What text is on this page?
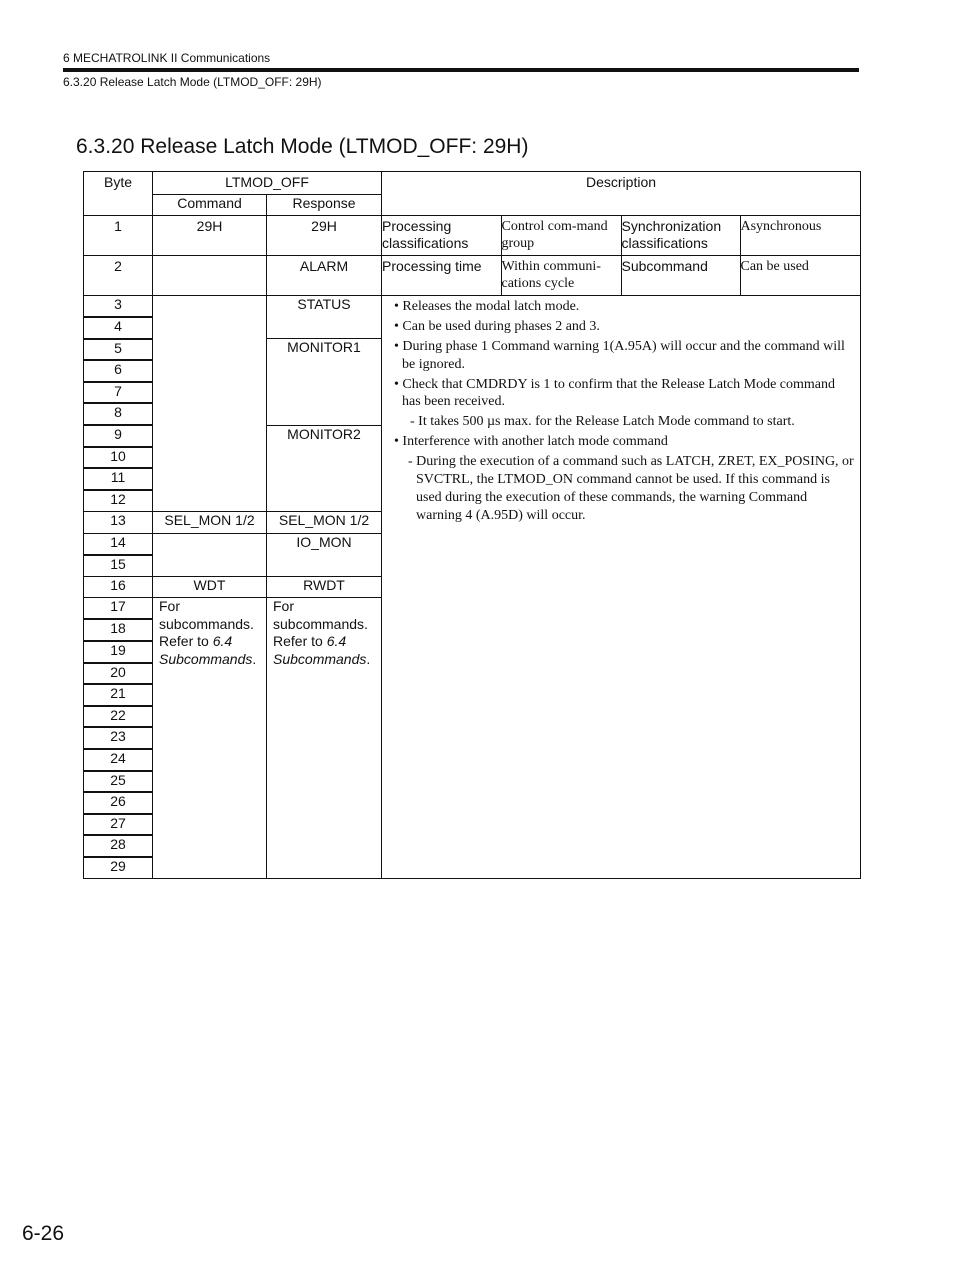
6 MECHATROLINK II Communications
6.3.20 Release Latch Mode (LTMOD_OFF: 29H)
6.3.20 Release Latch Mode (LTMOD_OFF: 29H)
Byte	LTMOD_OFF	Description
Command	Response
1	29H	29H		Processing classifications	Control com-mand group	Synchronization classifications	Asynchronous

2		ALARM	Processing time	Within communi-cations cycle	Subcommand	Can be used

3		STATUS	• Releases the modal latch mode.
• Can be used during phases 2 and 3.
• During phase 1 Command warning 1(A.95A) will occur and the command will be ignored.
• Check that CMDRDY is 1 to confirm that the Release Latch Mode command has been received.
- It takes 500 µs max. for the Release Latch Mode command to start.
• Interference with another latch mode command
- During the execution of a command such as LATCH, ZRET, EX_POSING, or SVCTRL, the LTMOD_ON command cannot be used. If this command is used during the execution of these commands, the warning Command warning 4 (A.95D) will occur.

4
5	MONITOR1
6
7
8
9	MONITOR2
10
11
12
13	SEL_MON 1/2	SEL_MON 1/2
14		IO_MON
15
16	WDT	RWDT
17	For subcommands. Refer to 6.4 Subcommands.	For subcommands. Refer to 6.4 Subcommands.
18
19
20
21
22
23
24
25
26
27
28
29
6-26
